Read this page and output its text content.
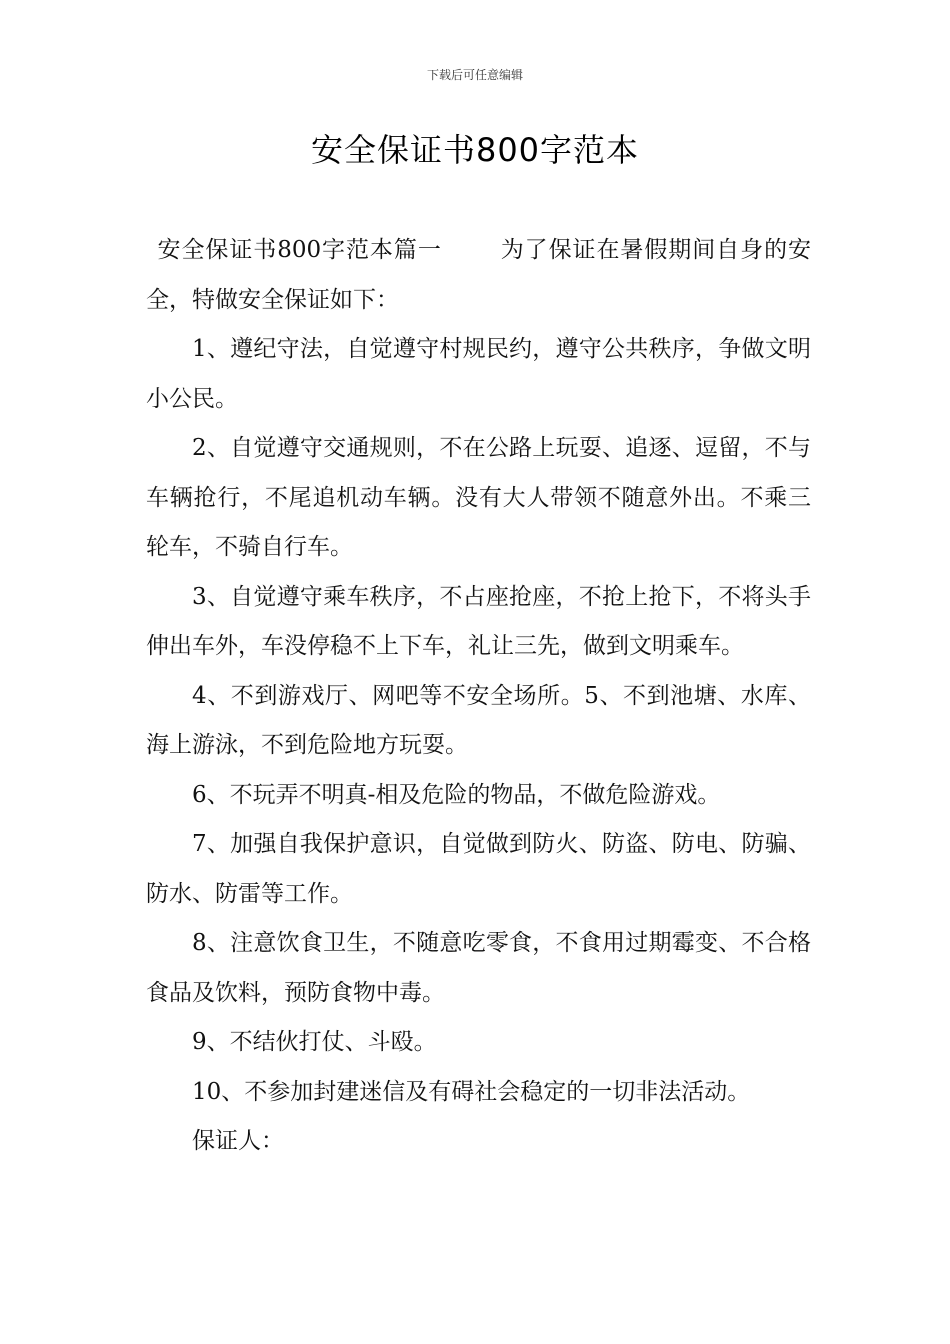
下载后可任意编辑
安全保证书800字范本

安全保证书800字范本篇一	为了保证在暑假期间自身的安全，特做安全保证如下：

1、遵纪守法，自觉遵守村规民约，遵守公共秩序，争做文明小公民。

2、自觉遵守交通规则，不在公路上玩耍、追逐、逗留，不与车辆抢行，不尾追机动车辆。没有大人带领不随意外出。不乘三轮车，不骑自行车。

3、自觉遵守乘车秩序，不占座抢座，不抢上抢下，不将头手伸出车外，车没停稳不上下车，礼让三先，做到文明乘车。

4、不到游戏厅、网吧等不安全场所。5、不到池塘、水库、海上游泳，不到危险地方玩耍。

6、不玩弄不明真-相及危险的物品，不做危险游戏。

7、加强自我保护意识，自觉做到防火、防盗、防电、防骗、防水、防雷等工作。

8、注意饮食卫生，不随意吃零食，不食用过期霉变、不合格食品及饮料，预防食物中毒。

9、不结伙打仗、斗殴。

10、不参加封建迷信及有碍社会稳定的一切非法活动。

保证人：
